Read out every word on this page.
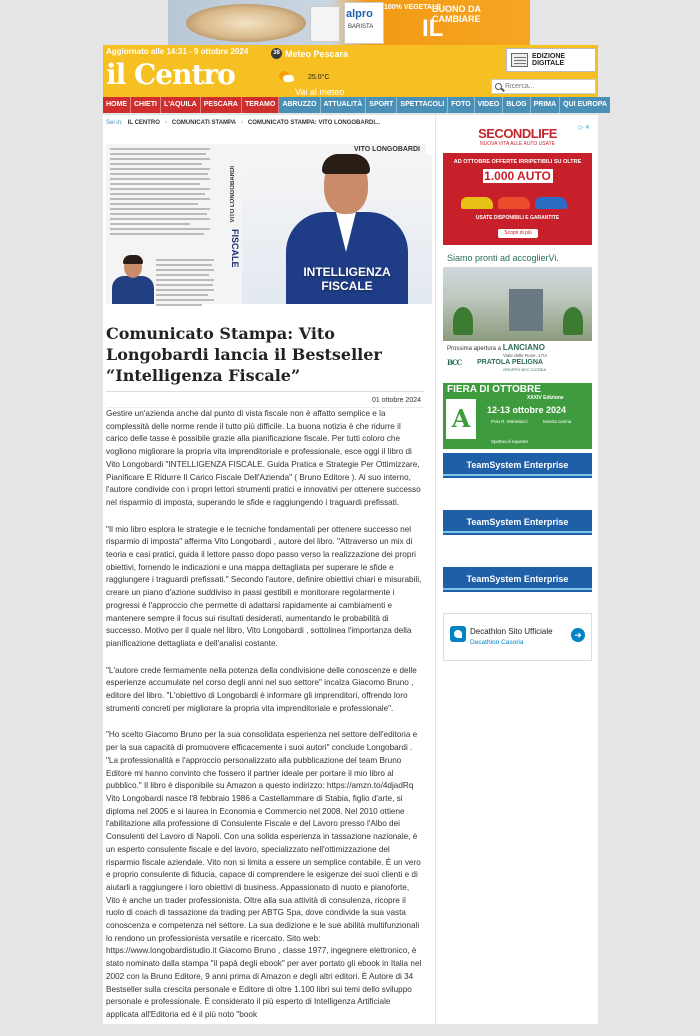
alpro
BARISTA
100% VEGETALE
BUONO DA CAMBIARE
IL
Aggiornato alle 14:31 - 9 ottobre 2024	38 Meteo Pescara
il Centro	25.0°C
Vai al meteo
EDIZIONE DIGITALE
Ricerca...
HOME	CHIETI	L'AQUILA	PESCARA	TERAMO	ABRUZZO	ATTUALITÀ	SPORT	SPETTACOLI	FOTO	VIDEO	BLOG	PRIMA	QUI EUROPA
Sei in: IL CENTRO › COMUNICATI STAMPA › COMUNICATO STAMPA: VITO LONGOBARDI...
VITO LONGOBARDI
FISCALE
VITO LONGOBARDI
INTELLIGENZA FISCALE
Comunicato Stampa: Vito Longobardi lancia il Bestseller “Intelligenza Fiscale”
01 ottobre 2024

Gestire un'azienda anche dal punto di vista fiscale non è affatto semplice e la complessità delle norme rende il tutto più difficile. La buona notizia è che ridurre il carico delle tasse è possibile grazie alla pianificazione fiscale. Per tutti coloro che vogliono migliorare la propria vita imprenditoriale e professionale, esce oggi il libro di Vito Longobardi "INTELLIGENZA FISCALE. Guida Pratica e Strategie Per Ottimizzare, Pianificare E Ridurre Il Carico Fiscale Dell'Azienda" ( Bruno Editore ). Al suo interno, l'autore condivide con i propri lettori strumenti pratici e innovativi per ottenere successo nel risparmio di imposta, superando le sfide e raggiungendo i traguardi prefissati.

"Il mio libro esplora le strategie e le tecniche fondamentali per ottenere successo nel risparmio di imposta" afferma Vito Longobardi , autore del libro. "Attraverso un mix di teoria e casi pratici, guida il lettore passo dopo passo verso la realizzazione dei propri obiettivi, fornendo le indicazioni e una mappa dettagliata per superare le sfide e raggiungere i traguardi prefissati." Secondo l'autore, definire obiettivi chiari e misurabili, creare un piano d'azione suddiviso in passi gestibili e monitorare regolarmente i progressi è l'approccio che permette di adattarsi rapidamente ai cambiamenti e mantenere sempre il focus sui risultati desiderati, aumentando le probabilità di successo. Motivo per il quale nel libro, Vito Longobardi , sottolinea l'importanza della pianificazione dettagliata e dell'analisi costante.

"L'autore crede fermamente nella potenza della condivisione delle conoscenze e delle esperienze accumulate nel corso degli anni nel suo settore" incalza Giacomo Bruno , editore del libro. "L'obiettivo di Longobardi è informare gli imprenditori, offrendo loro strumenti concreti per migliorare la propria vita imprenditoriale e professionale".

"Ho scelto Giacomo Bruno per la sua consolidata esperienza nel settore dell'editoria e per la sua capacità di promuovere efficacemente i suoi autori" conclude Longobardi . "La professionalità e l'approccio personalizzato alla pubblicazione del team Bruno Editore mi hanno convinto che fossero il partner ideale per portare il mio libro al pubblico." Il libro è disponibile su Amazon a questo indirizzo: https://amzn.to/4djadRq Vito Longobardi nasce l'8 febbraio 1986 a Castellammare di Stabia, figlio d'arte, si diploma nel 2005 e si laurea in Economia e Commercio nel 2008. Nel 2010 ottiene l'abilitazione alla professione di Consulente Fiscale e del Lavoro presso l'Albo dei Consulenti del Lavoro di Napoli. Con una solida esperienza in tassazione nazionale, è un esperto consulente fiscale e del lavoro, specializzato nell'ottimizzazione del risparmio fiscale aziendale. Vito non si limita a essere un semplice contabile. È un vero e proprio consulente di fiducia, capace di comprendere le esigenze dei suoi clienti e di aiutarli a raggiungere i loro obiettivi di business. Appassionato di nuoto e pianoforte, Vito è anche un trader professionista. Oltre alla sua attività di consulenza, ricopre il ruolo di coach di tassazione da trading per ABTG Spa, dove condivide la sua vasta conoscenza e competenza nel settore. La sua dedizione e le sue abilità multifunzionali lo rendono un professionista versatile e ricercato. Sito web: https://www.longobardistudio.it Giacomo Bruno , classe 1977, ingegnere elettronico, è stato nominato dalla stampa "il papà degli ebook" per aver portato gli ebook in Italia nel 2002 con la Bruno Editore, 9 anni prima di Amazon e degli altri editori. È Autore di 34 Bestseller sulla crescita personale e Editore di oltre 1.100 libri sui temi dello sviluppo personale e professionale. È considerato il più esperto di Intelligenza Artificiale applicata all'Editoria ed è il più noto "book

▷ ✕
SECONDLIFE
NUOVA VITA ALLE AUTO USATE
AD OTTOBRE OFFERTE IRRIPETIBILI SU OLTRE
1.000 AUTO
USATE DISPONIBILI E GARANTITE
Scopri di più
Siamo pronti ad accoglierVi.
Prossima apertura a LANCIANO
Viale delle Rose, 17/A
BCC PRATOLA PELIGNA
GRUPPO BCC ICCREA
FIERA DI OTTOBRE
A
XXXIV Edizione
12-13 ottobre 2024
Polo R. Martelacci	Mostra canina
Spettacoli equestri
TeamSystem Enterprise
TeamSystem Enterprise
TeamSystem Enterprise
Decathlon Sito Ufficiale
Decathlon Casoria
➜
